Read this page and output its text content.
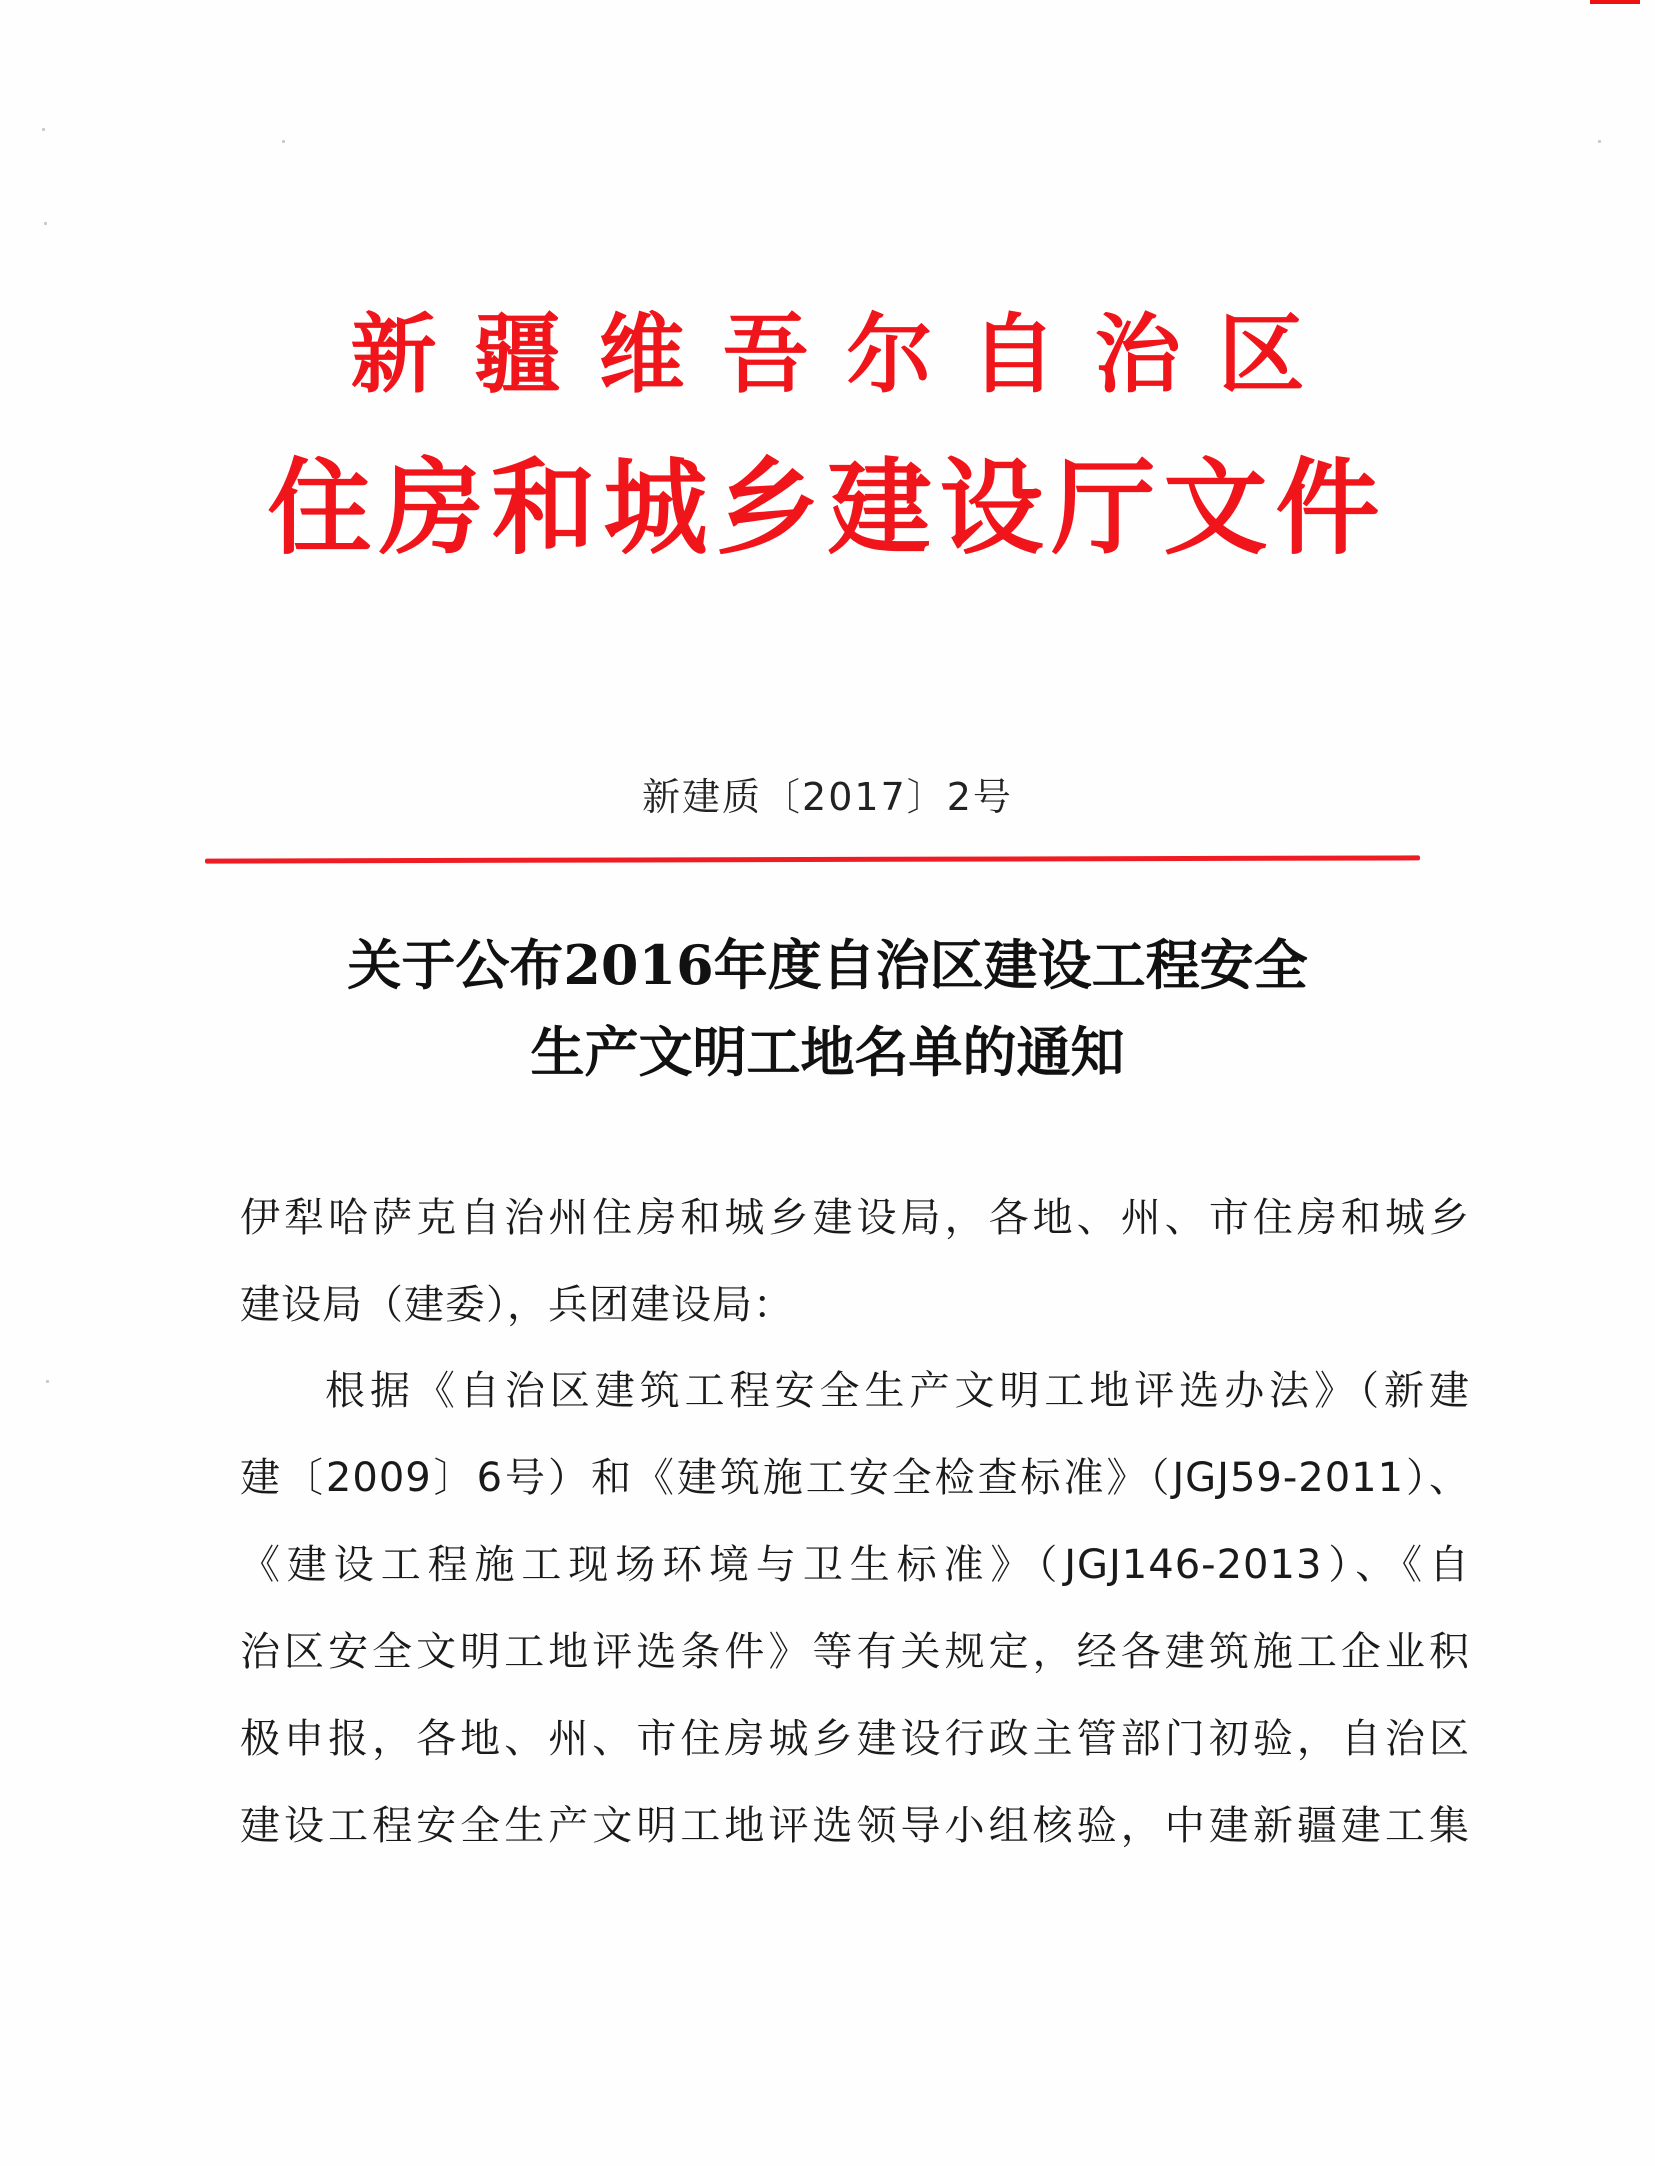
新疆维吾尔自治区
住房和城乡建设厅文件
新建质〔2017〕2号
关于公布2016年度自治区建设工程安全
生产文明工地名单的通知
伊犁哈萨克自治州住房和城乡建设局，各地、州、市住房和城乡
建设局（建委），兵团建设局：
根据《自治区建筑工程安全生产文明工地评选办法》（新建
建〔2009〕6号）和《建筑施工安全检查标准》（JGJ59-2011）、
《建设工程施工现场环境与卫生标准》（JGJ146-2013）、《自
治区安全文明工地评选条件》等有关规定，经各建筑施工企业积
极申报，各地、州、市住房城乡建设行政主管部门初验，自治区
建设工程安全生产文明工地评选领导小组核验，中建新疆建工集
